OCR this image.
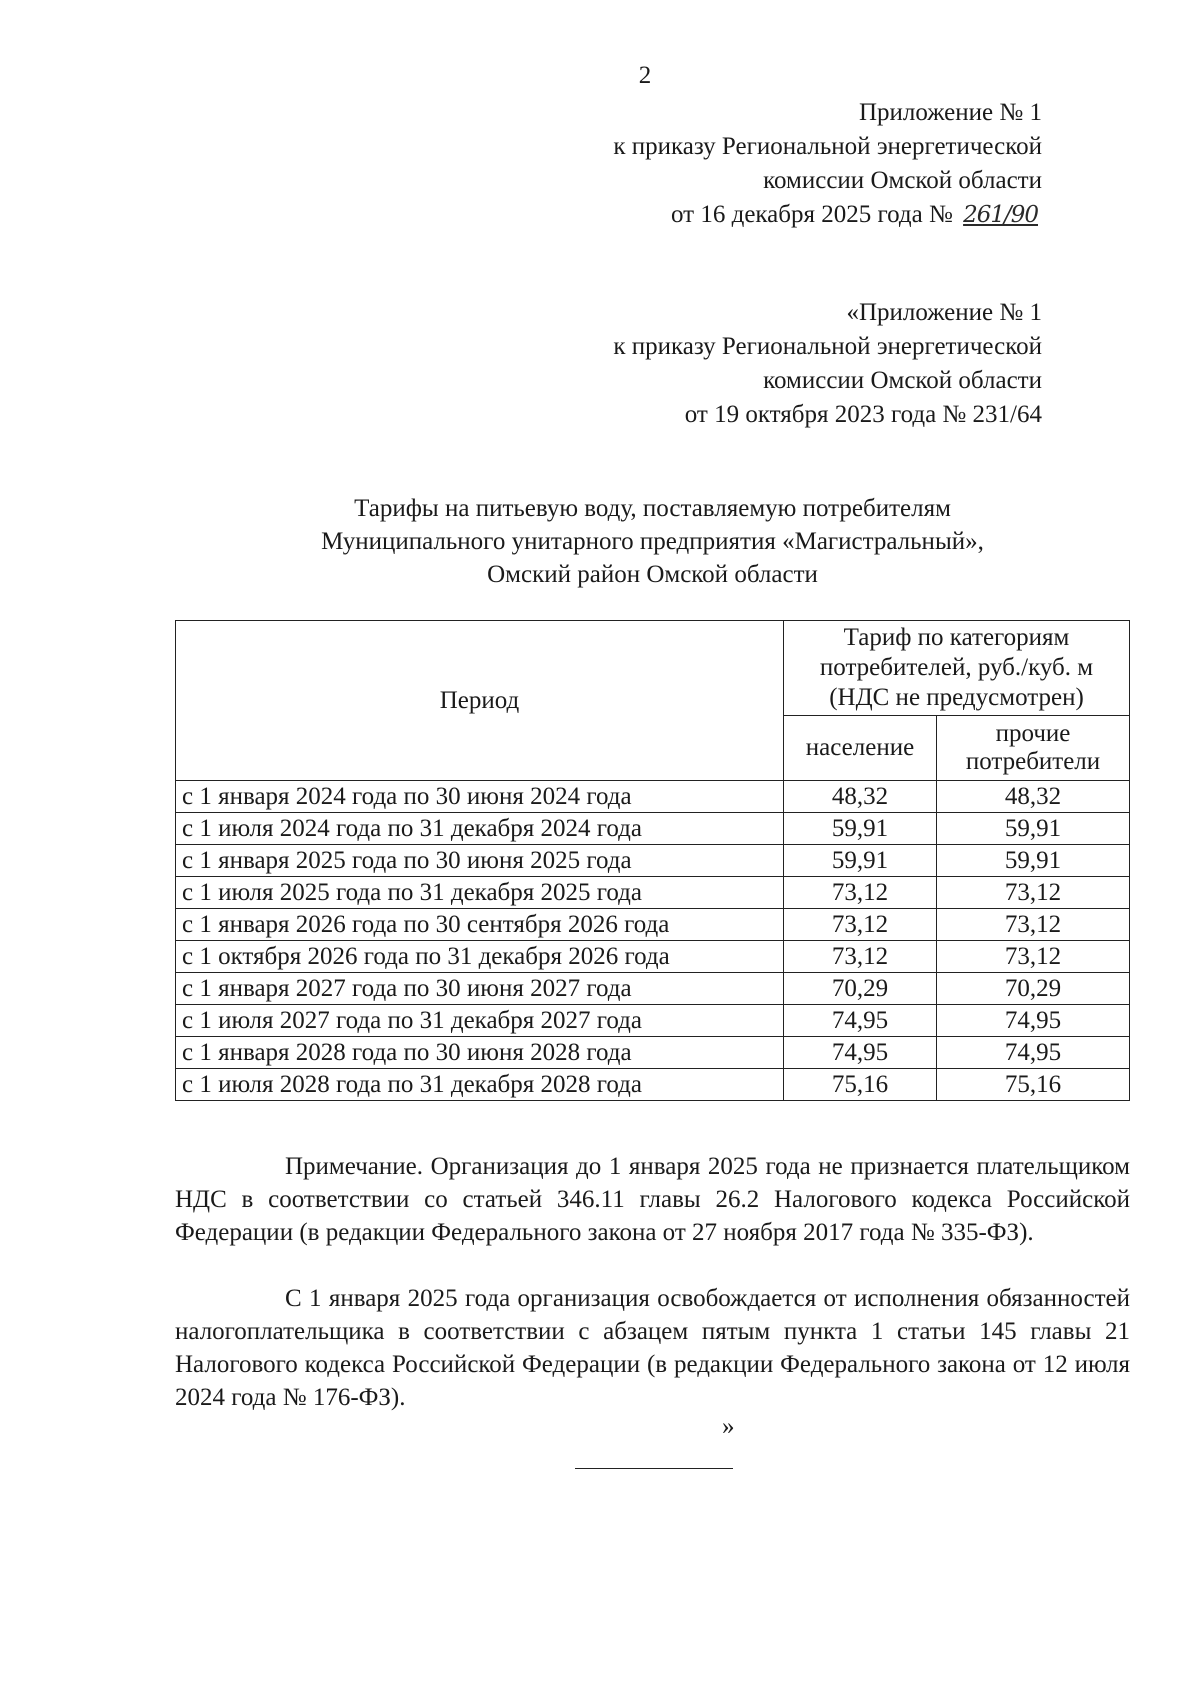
2
Приложение № 1
к приказу Региональной энергетической
комиссии Омской области
от 16 декабря 2025 года № 261/90
«Приложение № 1
к приказу Региональной энергетической
комиссии Омской области
от 19 октября 2023 года № 231/64
Тарифы на питьевую воду, поставляемую потребителям
Муниципального унитарного предприятия «Магистральный»,
Омский район Омской области
Период	Тариф по категориям
потребителей, руб./куб. м
(НДС не предусмотрен)	
	население	прочие
потребители
с 1 января 2024 года по 30 июня 2024 года	48,32	48,32
с 1 июля 2024 года по 31 декабря 2024 года	59,91	59,91
с 1 января 2025 года по 30 июня 2025 года	59,91	59,91
с 1 июля 2025 года по 31 декабря 2025 года	73,12	73,12
с 1 января 2026 года по 30 сентября 2026 года	73,12	73,12
с 1 октября 2026 года по 31 декабря 2026 года	73,12	73,12
с 1 января 2027 года по 30 июня 2027 года	70,29	70,29
с 1 июля 2027 года по 31 декабря 2027 года	74,95	74,95
с 1 января 2028 года по 30 июня 2028 года	74,95	74,95
с 1 июля 2028 года по 31 декабря 2028 года	75,16	75,16

Примечание. Организация до 1 января 2025 года не признается плательщиком НДС в соответствии со статьей 346.11 главы 26.2 Налогового кодекса Российской Федерации (в редакции Федерального закона от 27 ноября 2017 года № 335-ФЗ).

С 1 января 2025 года организация освобождается от исполнения обязанностей налогоплательщика в соответствии с абзацем пятым пункта 1 статьи 145 главы 21 Налогового кодекса Российской Федерации (в редакции Федерального закона от 12 июля 2024 года № 176-ФЗ).

»
